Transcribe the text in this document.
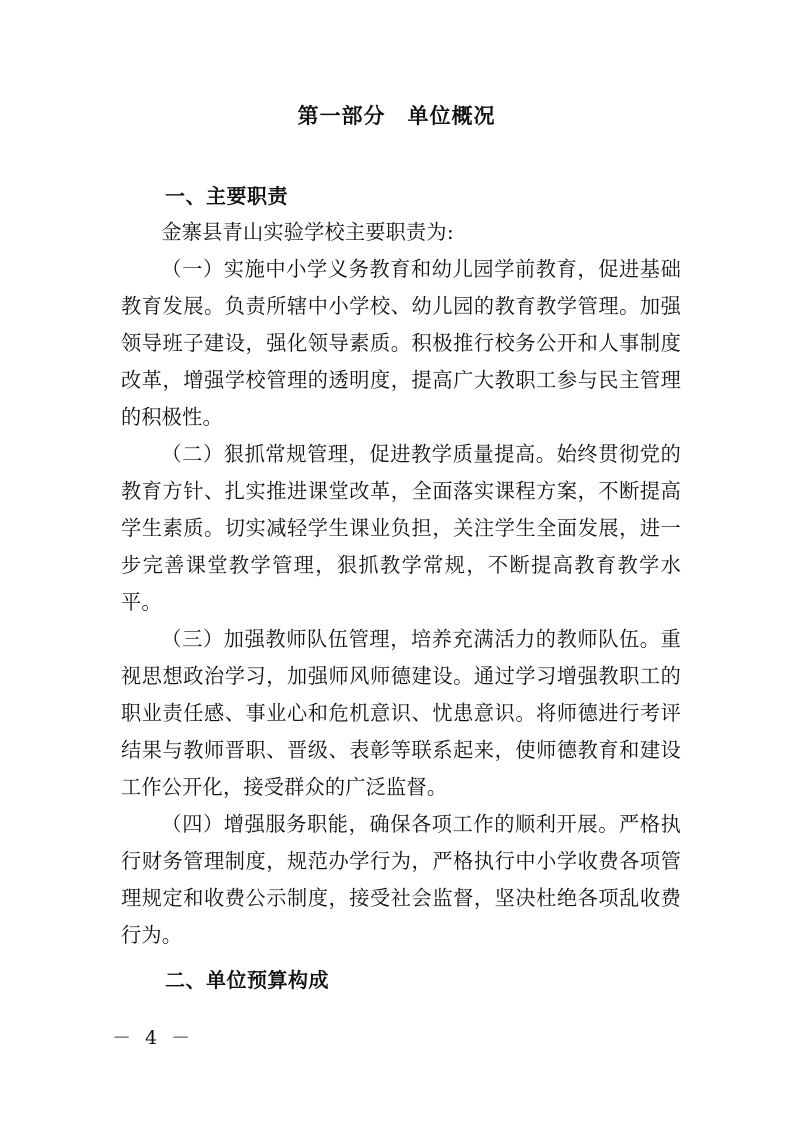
第一部分　单位概况
一、主要职责

金寨县青山实验学校主要职责为:

（一）实施中小学义务教育和幼儿园学前教育，促进基础教育发展。负责所辖中小学校、幼儿园的教育教学管理。加强领导班子建设，强化领导素质。积极推行校务公开和人事制度改革，增强学校管理的透明度，提高广大教职工参与民主管理的积极性。

（二）狠抓常规管理，促进教学质量提高。始终贯彻党的教育方针、扎实推进课堂改革，全面落实课程方案，不断提高学生素质。切实减轻学生课业负担，关注学生全面发展，进一步完善课堂教学管理，狠抓教学常规，不断提高教育教学水平。

（三）加强教师队伍管理，培养充满活力的教师队伍。重视思想政治学习，加强师风师德建设。通过学习增强教职工的职业责任感、事业心和危机意识、忧患意识。将师德进行考评结果与教师晋职、晋级、表彰等联系起来，使师德教育和建设工作公开化，接受群众的广泛监督。

（四）增强服务职能，确保各项工作的顺利开展。严格执行财务管理制度，规范办学行为，严格执行中小学收费各项管理规定和收费公示制度，接受社会监督，坚决杜绝各项乱收费行为。

二、单位预算构成
－ 4 －
